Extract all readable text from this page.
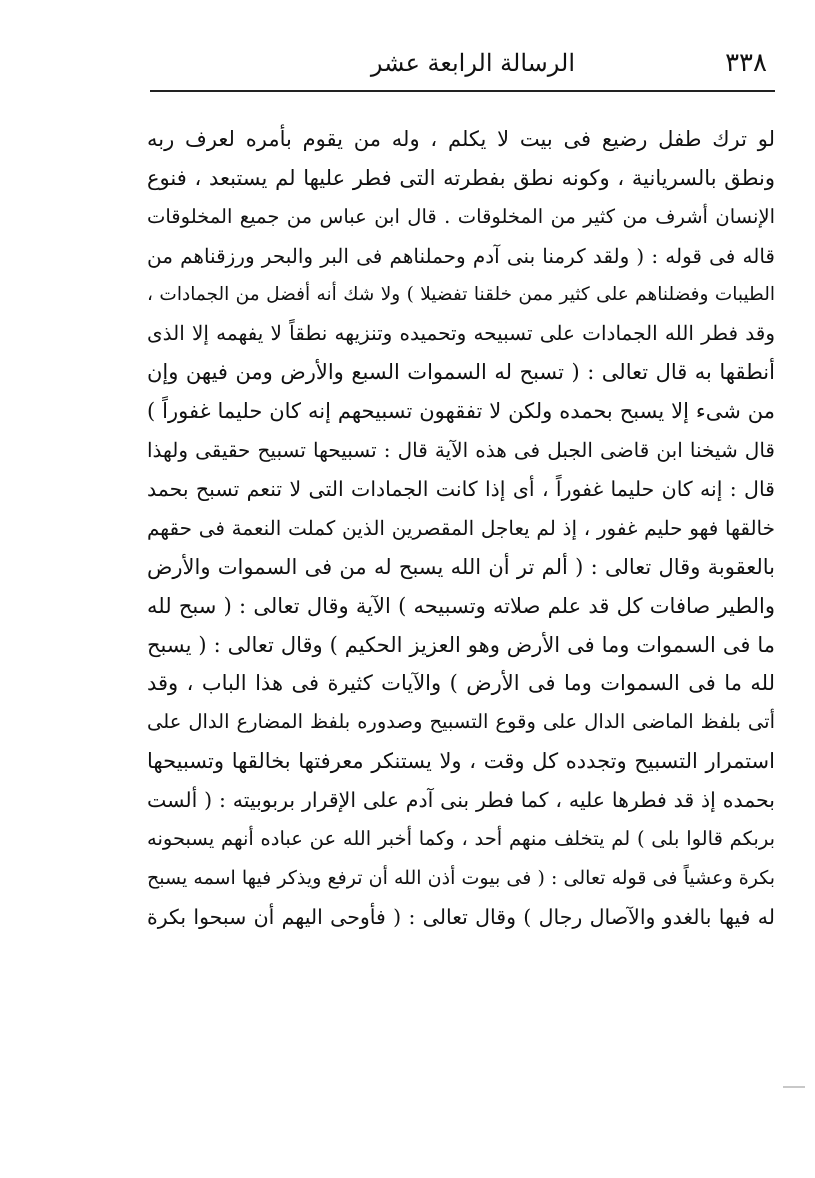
٣٣٨
الرسالة الرابعة عشر
لو ترك طفل رضيع فى بيت لا يكلم ، وله من يقوم بأمره لعرف ربه
ونطق بالسريانية ، وكونه نطق بفطرته التى فطر عليها لم يستبعد ، فنوع
الإنسان أشرف من كثير من المخلوقات . قال ابن عباس من جميع المخلوقات
قاله فى قوله : ( ولقد كرمنا بنى آدم وحملناهم فى البر والبحر ورزقناهم من
الطيبات وفضلناهم على كثير ممن خلقنا تفضيلا ) ولا شك أنه أفضل من الجمادات ،
وقد فطر الله الجمادات على تسبيحه وتحميده وتنزيهه نطقاً لا يفهمه إلا الذى
أنطقها به قال تعالى : ( تسبح له السموات السبع والأرض ومن فيهن وإن
من شىء إلا يسبح بحمده ولكن لا تفقهون تسبيحهم إنه كان حليما غفوراً )
قال شيخنا ابن قاضى الجبل فى هذه الآية قال : تسبيحها تسبيح حقيقى ولهذا
قال : إنه كان حليما غفوراً ، أى إذا كانت الجمادات التى لا تنعم تسبح بحمد
خالقها فهو حليم غفور ، إذ لم يعاجل المقصرين الذين كملت النعمة فى حقهم
بالعقوبة وقال تعالى : ( ألم تر أن الله يسبح له من فى السموات والأرض
والطير صافات كل قد علم صلاته وتسبيحه ) الآية وقال تعالى : ( سبح لله
ما فى السموات وما فى الأرض وهو العزيز الحكيم ) وقال تعالى : ( يسبح
لله ما فى السموات وما فى الأرض ) والآيات كثيرة فى هذا الباب ، وقد
أتى بلفظ الماضى الدال على وقوع التسبيح وصدوره بلفظ المضارع الدال على
استمرار التسبيح وتجدده كل وقت ، ولا يستنكر معرفتها بخالقها وتسبيحها
بحمده إذ قد فطرها عليه ، كما فطر بنى آدم على الإقرار بربوبيته : ( ألست
بربكم قالوا بلى ) لم يتخلف منهم أحد ، وكما أخبر الله عن عباده أنهم يسبحونه
بكرة وعشياً فى قوله تعالى : ( فى بيوت أذن الله أن ترفع ويذكر فيها اسمه يسبح
له فيها بالغدو والآصال رجال ) وقال تعالى : ( فأوحى اليهم أن سبحوا بكرة
